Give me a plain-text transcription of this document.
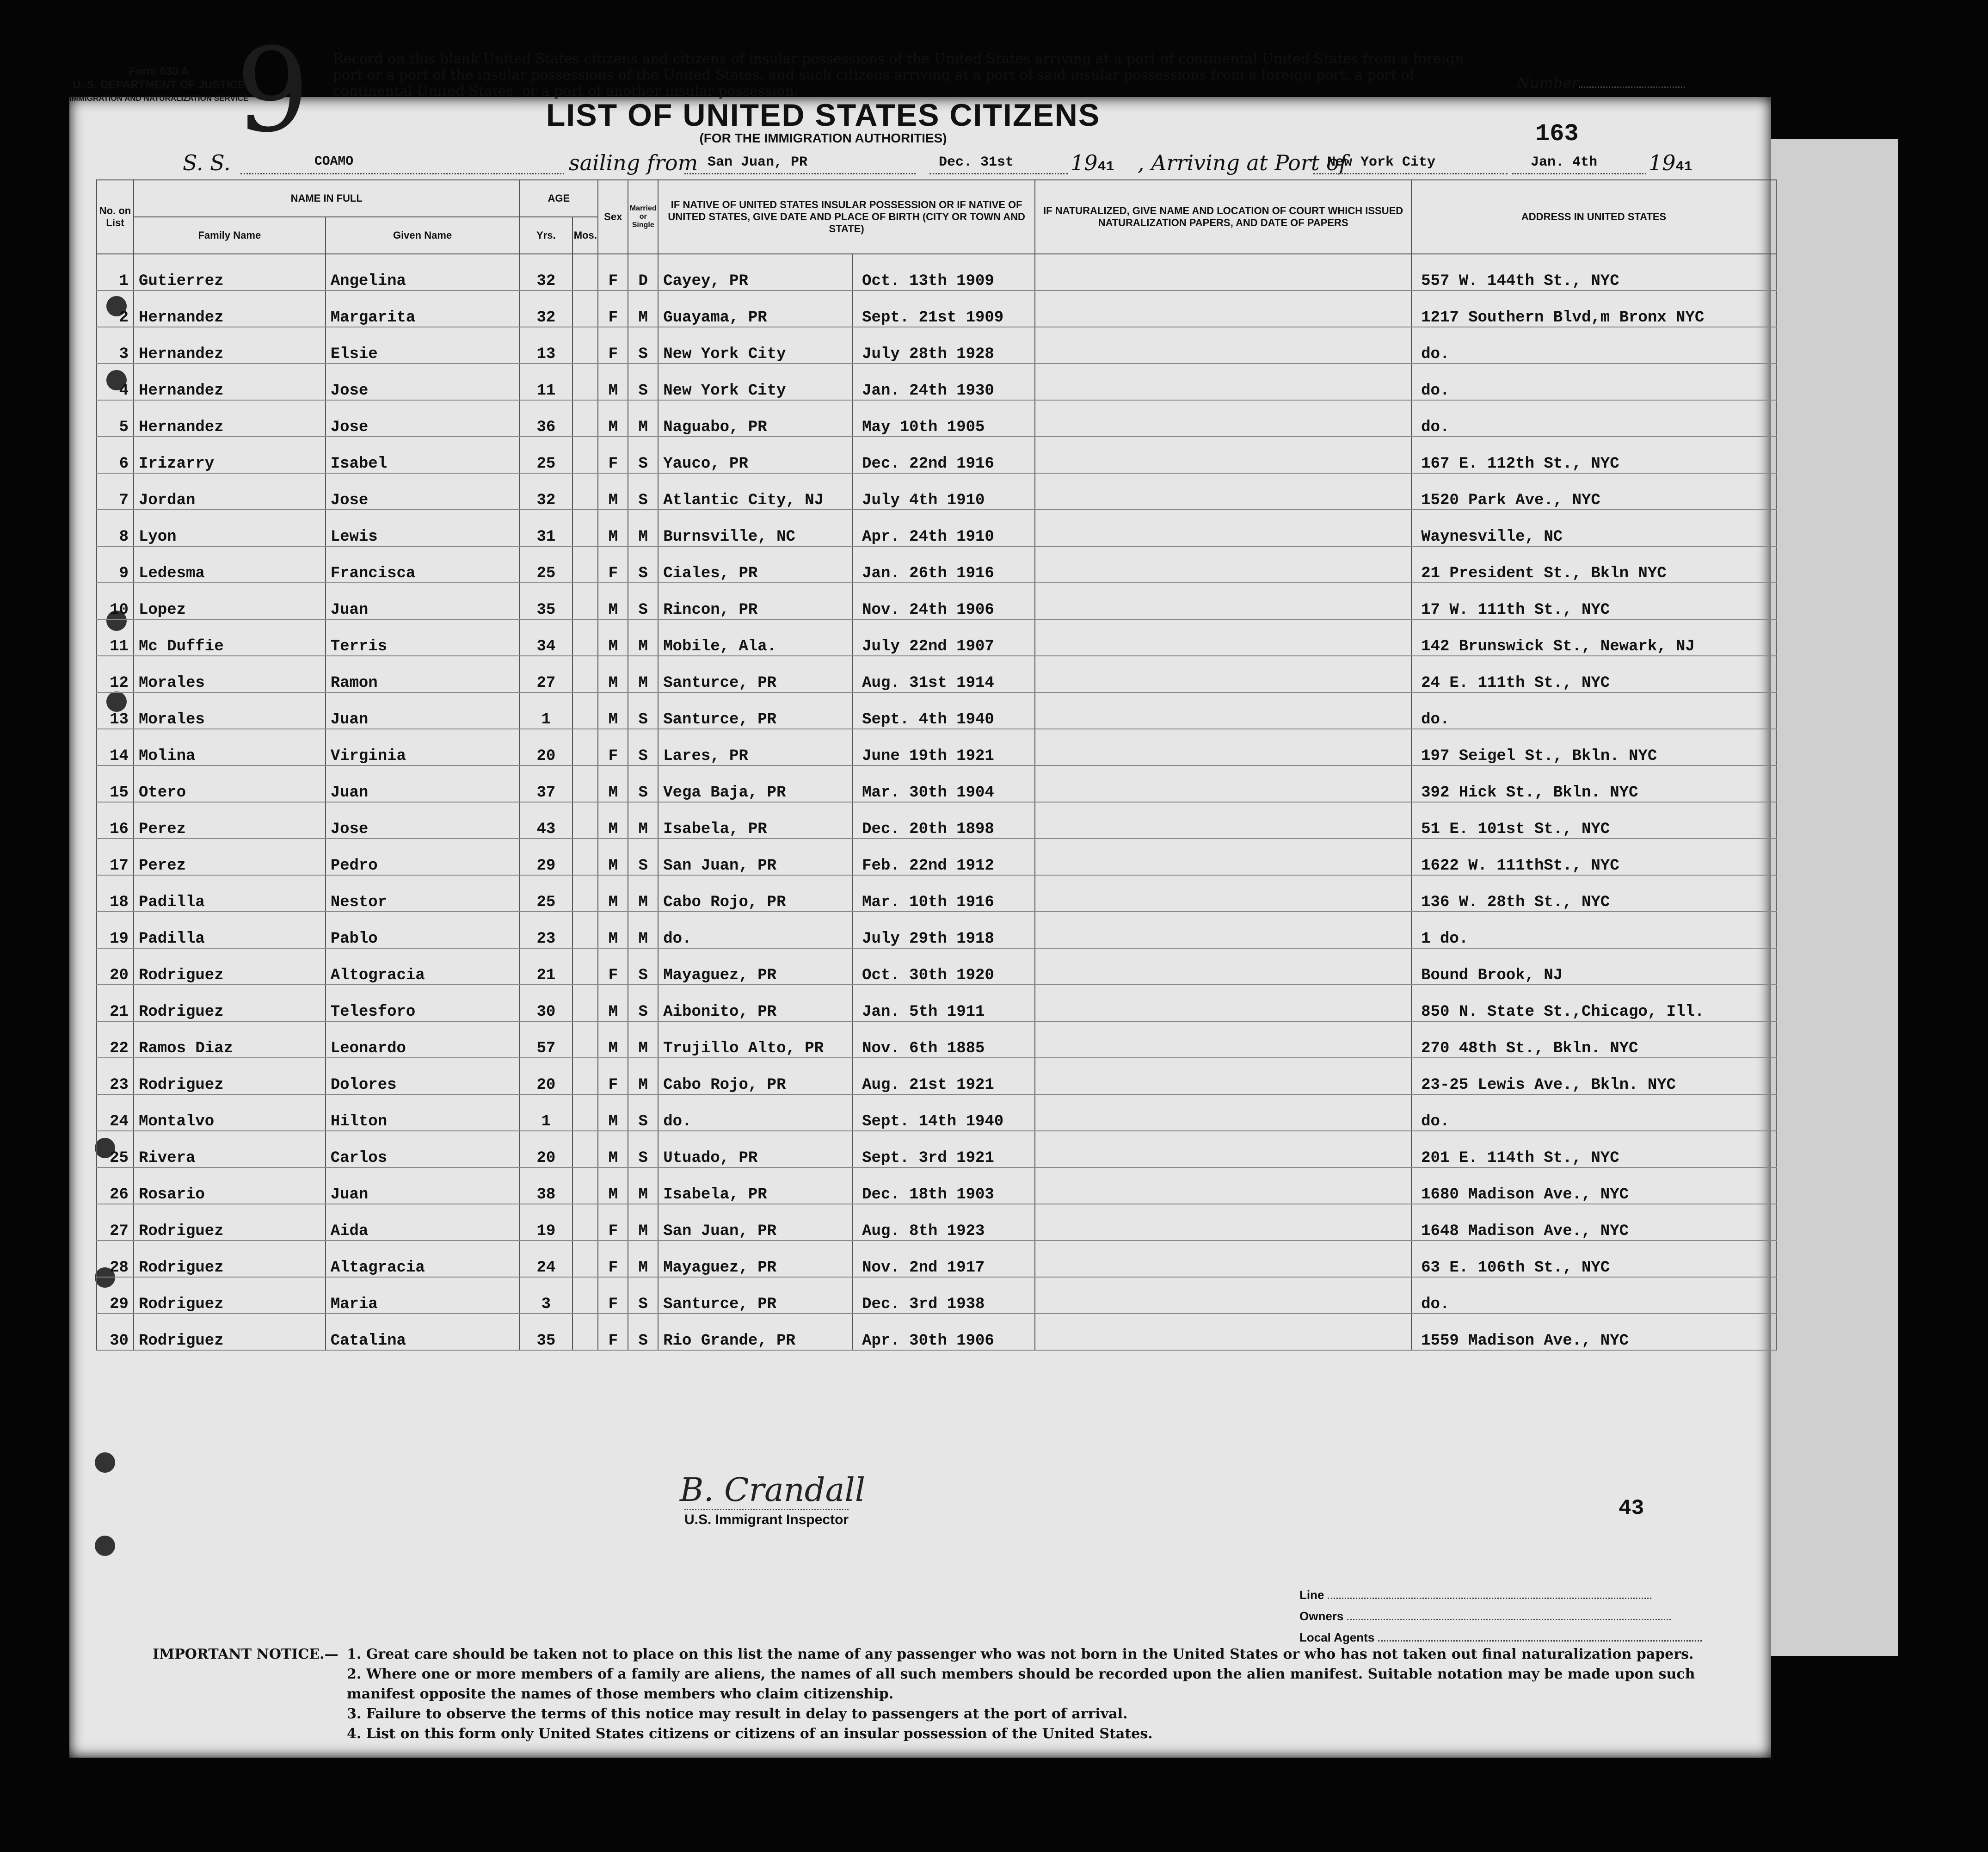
Form 630 A
U. S. DEPARTMENT OF JUSTICE
IMMIGRATION AND NATURALIZATION SERVICE
9 Record on this blank United States citizens and citizens of insular possessions of the United States arriving at a port of continental United States from a foreign port or a port of the insular possessions of the United States, and such citizens arriving at a port of said insular possessions from a foreign port, a port of continental United States, or a port of another insular possession.	Number
LIST OF UNITED STATES CITIZENS
(FOR THE IMMIGRATION AUTHORITIES)	163
S. S.	COAMO	sailing from San Juan, PR	Dec. 31st	1941 , Arriving at Port of
New York City	Jan. 4th 1941
No. on List	NAME IN FULL		AGE		Sex	Married or Single	IF NATIVE OF UNITED STATES INSULAR POSSESSION OR IF NATIVE OF UNITED STATES, GIVE DATE AND PLACE OF BIRTH (CITY OR TOWN AND STATE)		IF NATURALIZED, GIVE NAME AND LOCATION OF COURT WHICH ISSUED NATURALIZATION PAPERS, AND DATE OF PAPERS	ADDRESS IN UNITED STATES
	Family Name	Given Name	Yrs.	Mos.						
1	Gutierrez	Angelina	32		F	D	Cayey, PR	Oct. 13th 1909		557 W. 144th St., NYC
2	Hernandez	Margarita	32		F	M	Guayama, PR	Sept. 21st 1909		1217 Southern Blvd,m Bronx NYC
3	Hernandez	Elsie	13		F	S	New York City	July 28th 1928		do.
4	Hernandez	Jose	11		M	S	New York City	Jan. 24th 1930		do.
5	Hernandez	Jose	36		M	M	Naguabo, PR	May 10th 1905		do.
6	Irizarry	Isabel	25		F	S	Yauco, PR	Dec. 22nd 1916		167 E. 112th St., NYC
7	Jordan	Jose	32		M	S	Atlantic City, NJ	July 4th 1910		1520 Park Ave., NYC
8	Lyon	Lewis	31		M	M	Burnsville, NC	Apr. 24th 1910		Waynesville, NC
9	Ledesma	Francisca	25		F	S	Ciales, PR	Jan. 26th 1916		21 President St., Bkln NYC
10	Lopez	Juan	35		M	S	Rincon, PR	Nov. 24th 1906		17 W. 111th St., NYC
11	Mc Duffie	Terris	34		M	M	Mobile, Ala.	July 22nd 1907		142 Brunswick St., Newark, NJ
12	Morales	Ramon	27		M	M	Santurce, PR	Aug. 31st 1914		24 E. 111th St., NYC
13	Morales	Juan	1		M	S	Santurce, PR	Sept. 4th 1940		do.
14	Molina	Virginia	20		F	S	Lares, PR	June 19th 1921		197 Seigel St., Bkln. NYC
15	Otero	Juan	37		M	S	Vega Baja, PR	Mar. 30th 1904		392 Hick St., Bkln. NYC
16	Perez	Jose	43		M	M	Isabela, PR	Dec. 20th 1898		51 E. 101st St., NYC
17	Perez	Pedro	29		M	S	San Juan, PR	Feb. 22nd 1912		1622 W. 111thSt., NYC
18	Padilla	Nestor	25		M	M	Cabo Rojo, PR	Mar. 10th 1916		136 W. 28th St., NYC
19	Padilla	Pablo	23		M	M	do.	July 29th 1918		1 do.
20	Rodriguez	Altogracia	21		F	S	Mayaguez, PR	Oct. 30th 1920		Bound Brook, NJ
21	Rodriguez	Telesforo	30		M	S	Aibonito, PR	Jan. 5th 1911		850 N. State St.,Chicago, Ill.
22	Ramos Diaz	Leonardo	57		M	M	Trujillo Alto, PR	Nov. 6th 1885		270 48th St., Bkln. NYC
23	Rodriguez	Dolores	20		F	M	Cabo Rojo, PR	Aug. 21st 1921		23-25 Lewis Ave., Bkln. NYC
24	Montalvo	Hilton	1		M	S	do.	Sept. 14th 1940		do.
25	Rivera	Carlos	20		M	S	Utuado, PR	Sept. 3rd 1921		201 E. 114th St., NYC
26	Rosario	Juan	38		M	M	Isabela, PR	Dec. 18th 1903		1680 Madison Ave., NYC
27	Rodriguez	Aida	19		F	M	San Juan, PR	Aug. 8th 1923		1648 Madison Ave., NYC
28	Rodriguez	Altagracia	24		F	M	Mayaguez, PR	Nov. 2nd 1917		63 E. 106th St., NYC
29	Rodriguez	Maria	3		F	S	Santurce, PR	Dec. 3rd 1938		do.
30	Rodriguez	Catalina	35		F	S	Rio Grande, PR	Apr. 30th 1906		1559 Madison Ave., NYC
B. Crandall
U.S. Immigrant Inspector	43
Line
Owners
Local Agents

IMPORTANT NOTICE.— 1. Great care should be taken not to place on this list the name of any passenger who was not born in the United States or who has not taken out final naturalization papers.

2. Where one or more members of a family are aliens, the names of all such members should be recorded upon the alien manifest. Suitable notation may be made upon such manifest opposite the names of those members who claim citizenship.

3. Failure to observe the terms of this notice may result in delay to passengers at the port of arrival.

4. List on this form only United States citizens or citizens of an insular possession of the United States.
